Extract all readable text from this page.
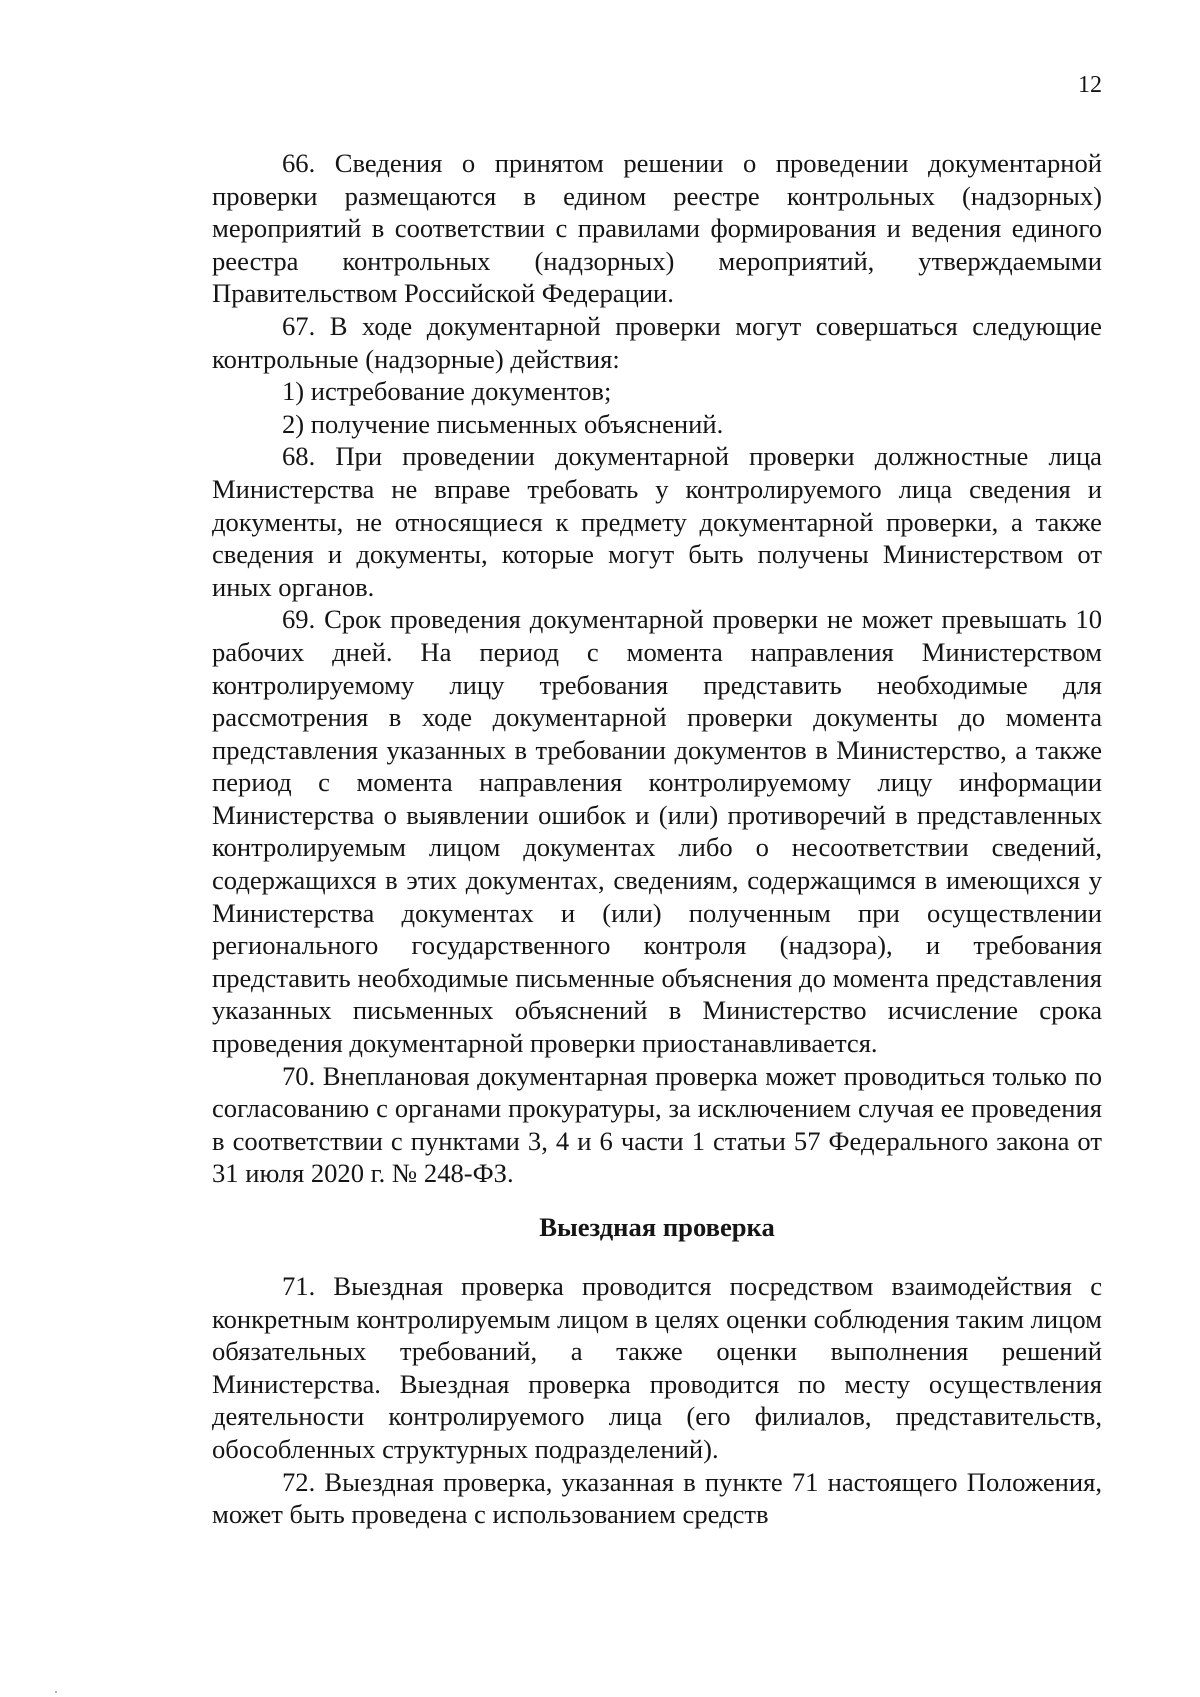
12

66. Сведения о принятом решении о проведении документарной проверки размещаются в едином реестре контрольных (надзорных) мероприятий в соответствии с правилами формирования и ведения единого реестра контрольных (надзорных) мероприятий, утверждаемыми Правительством Российской Федерации.

67. В ходе документарной проверки могут совершаться следующие контрольные (надзорные) действия:

1) истребование документов;

2) получение письменных объяснений.

68. При проведении документарной проверки должностные лица Министерства не вправе требовать у контролируемого лица сведения и документы, не относящиеся к предмету документарной проверки, а также сведения и документы, которые могут быть получены Министерством от иных органов.

69. Срок проведения документарной проверки не может превышать 10 рабочих дней. На период с момента направления Министерством контролируемому лицу требования представить необходимые для рассмотрения в ходе документарной проверки документы до момента представления указанных в требовании документов в Министерство, а также период с момента направления контролируемому лицу информации Министерства о выявлении ошибок и (или) противоречий в представленных контролируемым лицом документах либо о несоответствии сведений, содержащихся в этих документах, сведениям, содержащимся в имеющихся у Министерства документах и (или) полученным при осуществлении регионального государственного контроля (надзора), и требования представить необходимые письменные объяснения до момента представления указанных письменных объяснений в Министерство исчисление срока проведения документарной проверки приостанавливается.

70. Внеплановая документарная проверка может проводиться только по согласованию с органами прокуратуры, за исключением случая ее проведения в соответствии с пунктами 3, 4 и 6 части 1 статьи 57 Федерального закона от 31 июля 2020 г. № 248-ФЗ.

Выездная проверка

71. Выездная проверка проводится посредством взаимодействия с конкретным контролируемым лицом в целях оценки соблюдения таким лицом обязательных требований, а также оценки выполнения решений Министерства. Выездная проверка проводится по месту осуществления деятельности контролируемого лица (его филиалов, представительств, обособленных структурных подразделений).

72. Выездная проверка, указанная в пункте 71 настоящего Положения, может быть проведена с использованием средств
